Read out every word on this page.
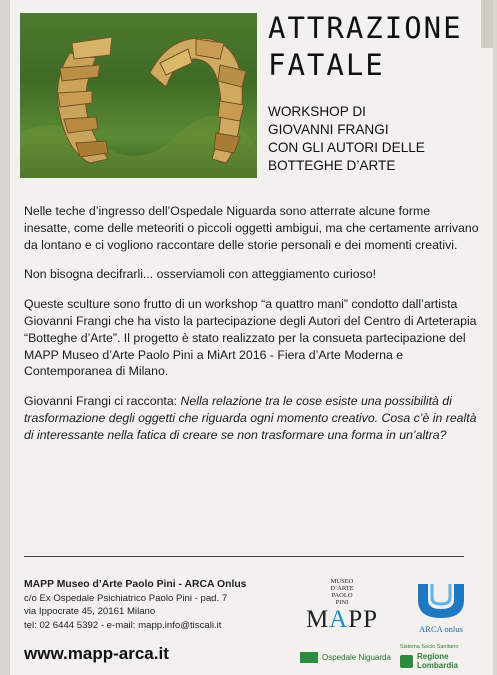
ATTRAZIONE
FATALE
WORKSHOP DI
GIOVANNI FRANGI
CON GLI AUTORI DELLE
BOTTEGHE D’ARTE

Nelle teche d’ingresso dell’Ospedale Niguarda sono atterrate alcune forme inesatte, come delle meteoriti o piccoli oggetti ambigui, ma che certamente arrivano da lontano e ci vogliono raccontare delle storie personali e dei momenti creativi.

Non bisogna decifrarli... osserviamoli con atteggiamento curioso!

Queste sculture sono frutto di un workshop “a quattro mani” condotto dall’artista Giovanni Frangi che ha visto la partecipazione degli Autori del Centro di Arteterapia “Botteghe d’Arte”. Il progetto è stato realizzato per la consueta partecipazione del MAPP Museo d’Arte Paolo Pini a MiArt 2016 - Fiera d’Arte Moderna e Contemporanea di Milano.

Giovanni Frangi ci racconta: Nella relazione tra le cose esiste una possibilità di trasformazione degli oggetti che riguarda ogni momento creativo. Cosa c’è in realtà di interessante nella fatica di creare se non trasformare una forma in un’altra?

MAPP Museo d’Arte Paolo Pini - ARCA Onlus
c/o Ex Ospedale Psichiatrico Paolo Pini - pad. 7
via Ippocrate 45, 20161 Milano
tel: 02 6444 5392 - e-mail: mapp.info@tiscali.it
www.mapp-arca.it
MUSEO
D’ARTE
PAOLO
PINI
MAPP	ARCA onlus
Ospedale Niguarda
Sistema Socio Sanitario
Regione
Lombardia
